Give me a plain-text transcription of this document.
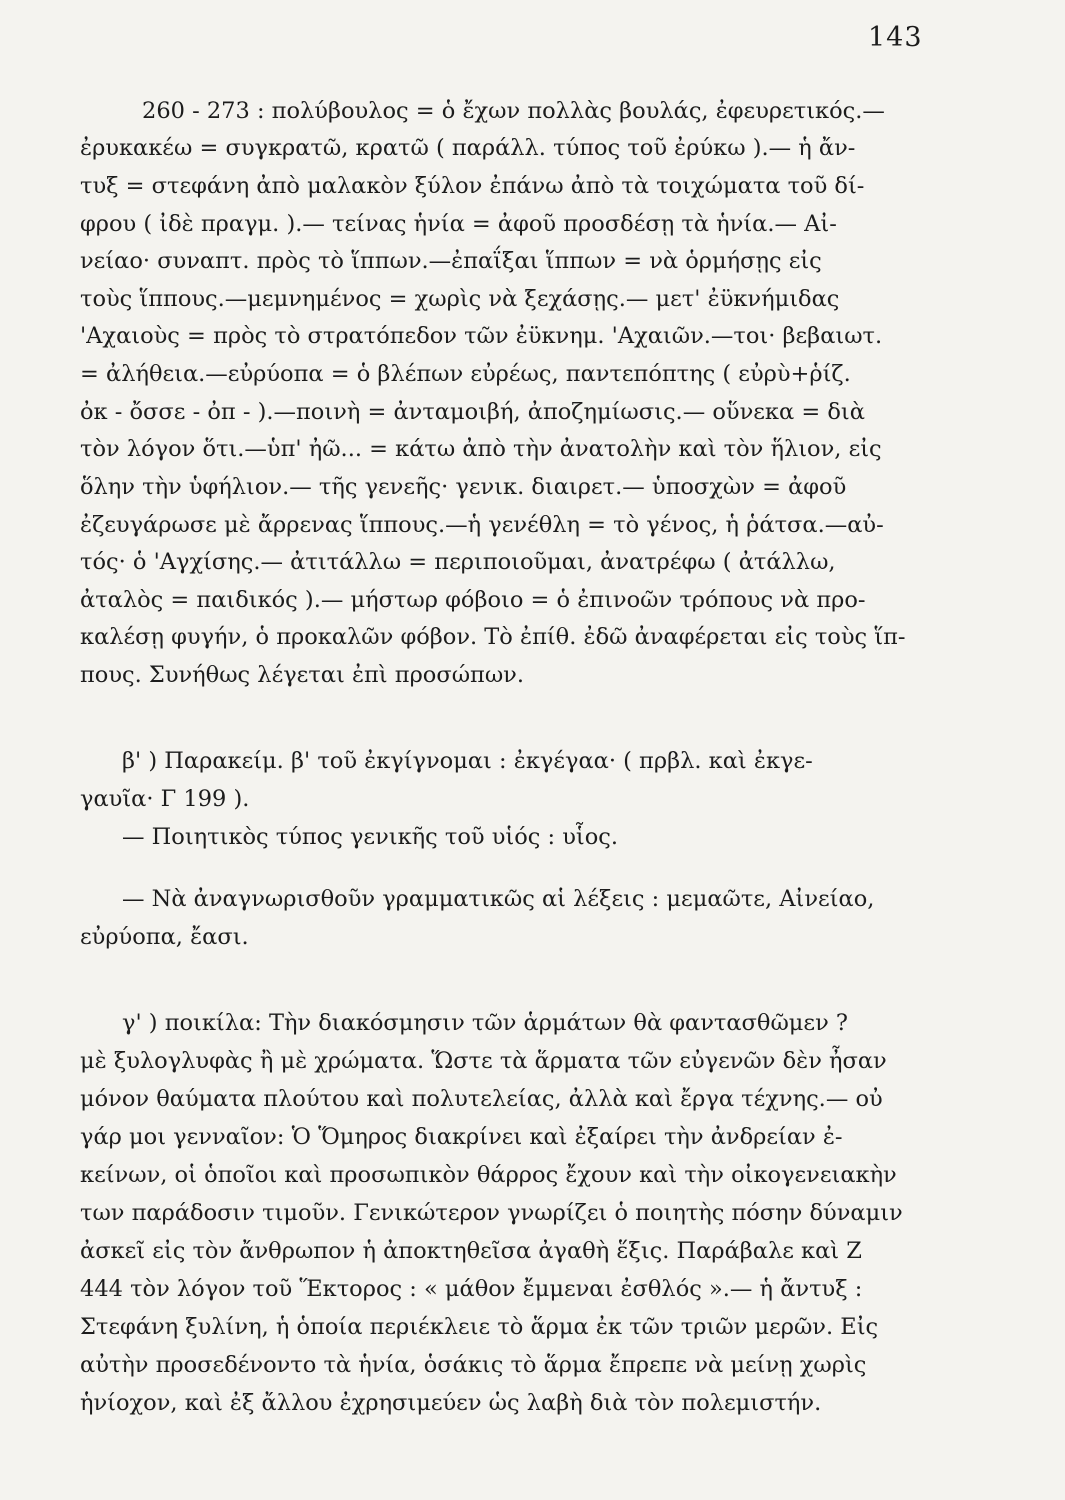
143
260 - 273 : πολύβουλος = ὁ ἔχων πολλὰς βουλάς, ἐφευρετικός.—
ἐρυκακέω = συγκρατῶ, κρατῶ ( παράλλ. τύπος τοῦ ἐρύκω ).— ἡ ἄν-
τυξ = στεφάνη ἀπὸ μαλακὸν ξύλον ἐπάνω ἀπὸ τὰ τοιχώματα τοῦ δί-
φρου ( ἰδὲ πραγμ. ).— τείνας ἡνία = ἀφοῦ προσδέσῃ τὰ ἡνία.— Αἰ-
νείαο· συναπτ. πρὸς τὸ ἵππων.—ἐπαΐξαι ἵππων = νὰ ὁρμήσῃς εἰς
τοὺς ἵππους.—μεμνημένος = χωρὶς νὰ ξεχάσῃς.— μετ' ἐϋκνήμιδας
'Αχαιοὺς = πρὸς τὸ στρατόπεδον τῶν ἐϋκνημ. 'Αχαιῶν.—τοι· βεβαιωτ.
= ἀλήθεια.—εὐρύοπα = ὁ βλέπων εὐρέως, παντεπόπτης ( εὐρὺ+ῥίζ.
ὀκ - ὄσσε - ὀπ - ).—ποινὴ = ἀνταμοιβή, ἀποζημίωσις.— οὕνεκα = διὰ
τὸν λόγον ὅτι.—ὑπ' ἠῶ... = κάτω ἀπὸ τὴν ἀνατολὴν καὶ τὸν ἥλιον, εἰς
ὅλην τὴν ὑφήλιον.— τῆς γενεῆς· γενικ. διαιρετ.— ὑποσχὼν = ἀφοῦ
ἐζευγάρωσε μὲ ἄρρενας ἵππους.—ἡ γενέθλη = τὸ γένος, ἡ ῥάτσα.—αὐ-
τός· ὁ 'Αγχίσης.— ἀτιτάλλω = περιποιοῦμαι, ἀνατρέφω ( ἀτάλλω,
ἀταλὸς = παιδικός ).— μήστωρ φόβοιο = ὁ ἐπινοῶν τρόπους νὰ προ-
καλέσῃ φυγήν, ὁ προκαλῶν φόβον. Τὸ ἐπίθ. ἐδῶ ἀναφέρεται εἰς τοὺς ἵπ-
πους. Συνήθως λέγεται ἐπὶ προσώπων.
β' ) Παρακείμ. β' τοῦ ἐκγίγνομαι : ἐκγέγαα· ( πρβλ. καὶ ἐκγε-
γαυῖα· Γ 199 ).
— Ποιητικὸς τύπος γενικῆς τοῦ υἱός : υἷος.
— Νὰ ἀναγνωρισθοῦν γραμματικῶς αἱ λέξεις : μεμαῶτε, Αἰνείαο,
εὐρύοπα, ἔασι.
γ' ) ποικίλα: Τὴν διακόσμησιν τῶν ἁρμάτων θὰ φαντασθῶμεν ?
μὲ ξυλογλυφὰς ἢ μὲ χρώματα. Ὥστε τὰ ἅρματα τῶν εὐγενῶν δὲν ἦσαν
μόνον θαύματα πλούτου καὶ πολυτελείας, ἀλλὰ καὶ ἔργα τέχνης.— οὐ
γάρ μοι γενναῖον: Ὁ Ὅμηρος διακρίνει καὶ ἐξαίρει τὴν ἀνδρείαν ἐ-
κείνων, οἱ ὁποῖοι καὶ προσωπικὸν θάρρος ἔχουν καὶ τὴν οἰκογενειακὴν
των παράδοσιν τιμοῦν. Γενικώτερον γνωρίζει ὁ ποιητὴς πόσην δύναμιν
ἀσκεῖ εἰς τὸν ἄνθρωπον ἡ ἀποκτηθεῖσα ἀγαθὴ ἕξις. Παράβαλε καὶ Ζ
444 τὸν λόγον τοῦ Ἕκτορος : « μάθον ἔμμεναι ἐσθλός ».— ἡ ἄντυξ :
Στεφάνη ξυλίνη, ἡ ὁποία περιέκλειε τὸ ἅρμα ἐκ τῶν τριῶν μερῶν. Εἰς
αὐτὴν προσεδένοντο τὰ ἡνία, ὁσάκις τὸ ἅρμα ἔπρεπε νὰ μείνῃ χωρὶς
ἡνίοχον, καὶ ἐξ ἄλλου ἐχρησιμεύεν ὡς λαβὴ διὰ τὸν πολεμιστήν.
